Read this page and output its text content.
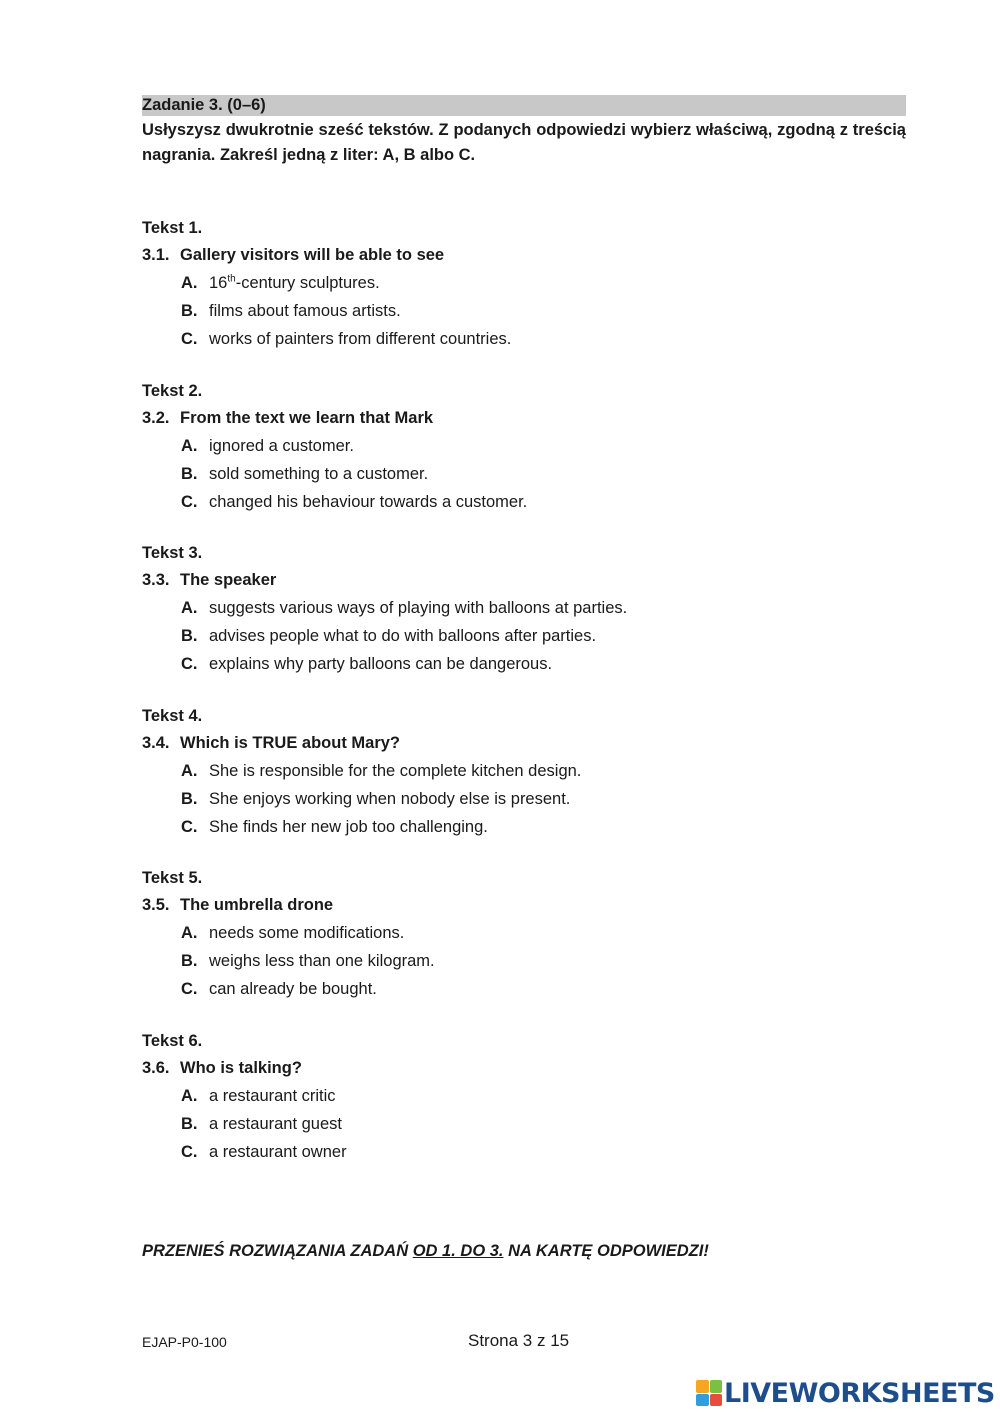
Zadanie 3. (0–6)
Usłyszysz dwukrotnie sześć tekstów. Z podanych odpowiedzi wybierz właściwą, zgodną z treścią nagrania. Zakreśl jedną z liter: A, B albo C.
Tekst 1.
3.1. Gallery visitors will be able to see
A. 16th-century sculptures.
B. films about famous artists.
C. works of painters from different countries.
Tekst 2.
3.2. From the text we learn that Mark
A. ignored a customer.
B. sold something to a customer.
C. changed his behaviour towards a customer.
Tekst 3.
3.3. The speaker
A. suggests various ways of playing with balloons at parties.
B. advises people what to do with balloons after parties.
C. explains why party balloons can be dangerous.
Tekst 4.
3.4. Which is TRUE about Mary?
A. She is responsible for the complete kitchen design.
B. She enjoys working when nobody else is present.
C. She finds her new job too challenging.
Tekst 5.
3.5. The umbrella drone
A. needs some modifications.
B. weighs less than one kilogram.
C. can already be bought.
Tekst 6.
3.6. Who is talking?
A. a restaurant critic
B. a restaurant guest
C. a restaurant owner
PRZENIEŚ ROZWIĄZANIA ZADAŃ OD 1. DO 3. NA KARTĘ ODPOWIEDZI!
EJAP-P0-100	Strona 3 z 15
LIVEWORKSHEETS
